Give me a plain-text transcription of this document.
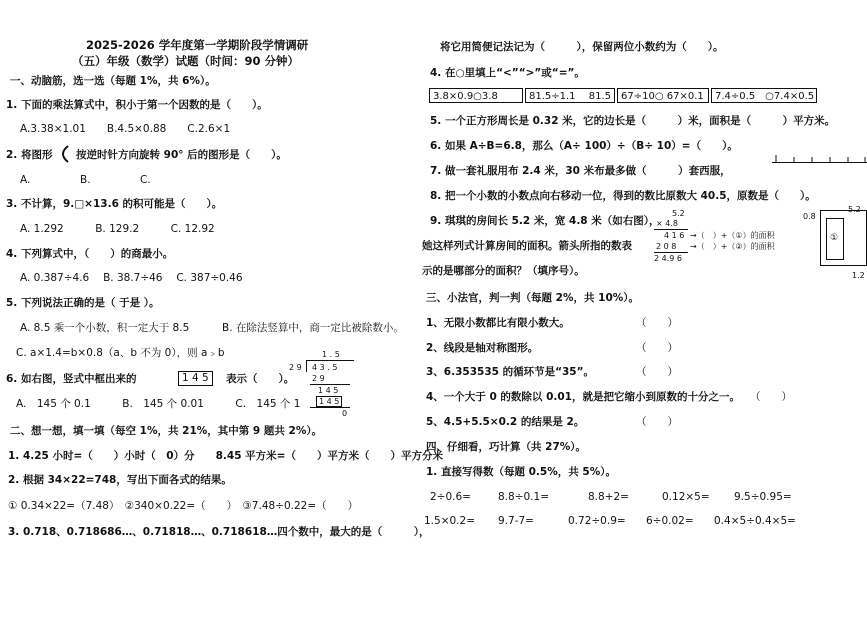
2025-2026 学年度第一学期阶段学情调研
（五）年级（数学）试题（时间：90 分钟）
一、动脑筋，选一选（每题 1%，共 6%）。
1. 下面的乘法算式中，积小于第一个因数的是（　　）。
A.3.38×1.01　　B.4.5×0.88　　C.2.6×1
2. 将图形 按逆时针方向旋转 90° 后的图形是（　　）。
A.	B.	C.
3. 不计算，9.□×13.6 的积可能是（　　）。
A. 1.292　　　B. 129.2　　　C. 12.92
4. 下列算式中，（　　）的商最小。
A. 0.387÷4.6　 B. 38.7÷46　 C. 387÷0.46
5. 下列说法正确的是（ 于是 ）。
A. 8.5 乘一个小数，积一定大于 8.5	B. 在除法竖算中，商一定比被除数小。
C. a×1.4=b×0.8（a、b 不为 0），则 a﹥b
6. 如右图，竖式中框出来的	1 4 5	表示（　　）。
A.　145 个 0.1　　　B.　145 个 0.01　　　C.　145 个 1
1 . 5
2 9 4 3 . 5
2 9
1 4 5
1 4 5
0
二、想一想，填一填（每空 1%，共 21%，其中第 9 题共 2%）。
1. 4.25 小时=（　　）小时（　0）分　　8.45 平方米=（　　）平方米（　　）平方分米
2. 根据 34×22=748，写出下面各式的结果。
① 0.34×22=（7.48）　②340×0.22=（　　）　③7.48÷0.22=（　　）
3. 0.718、0.718686…、0.71818…、0.718618…四个数中，最大的是（　　　），
将它用简便记法记为（　　　），保留两位小数约为（　　）。
4. 在○里填上“<”“>”或“=”。
3.8×0.9○3.8	81.5÷1.1　 81.5	67÷10○ 67×0.1	7.4÷0.5　○7.4×0.5
5. 一个正方形周长是 0.32 米，它的边长是（　　　）米，面积是（　　　）平方米。
6. 如果 A÷B=6.8，那么（A÷ 100）÷（B÷ 10）=（　　）。
7. 做一套礼服用布 2.4 米，30 米布最多做（　　　）套西服，
8. 把一个小数的小数点向右移动一位，得到的数比原数大 40.5，原数是（　　）。
9. 琪琪的房间长 5.2 米，宽 4.8 米（如右图），
她这样列式计算房间的面积。箭头所指的数表
示的是哪部分的面积？（填序号）。
5.2
× 4.8
4 1 6
2 0 8
2 4.9 6
→（　）+（①）的面积
→（　）+（②）的面积
0.8
5.2
①
1.2
三、小法官，判一判（每题 2%，共 10%）。
1、无限小数都比有限小数大。	（　　）
2、线段是轴对称图形。	（　　）
3、6.353535 的循环节是“35”。	（　　）
4、一个大于 0 的数除以 0.01，就是把它缩小到原数的十分之一。 （　　）
5、4.5+5.5×0.2 的结果是 2。	（　　）
四、仔细看，巧计算（共 27%）。
1. 直接写得数（每题 0.5%，共 5%）。
2÷0.6=	8.8÷0.1=	8.8+2=	0.12×5= 9.5÷0.95=
1.5×0.2= 9.7-7=	0.72÷0.9= 6÷0.02= 0.4×5÷0.4×5=
